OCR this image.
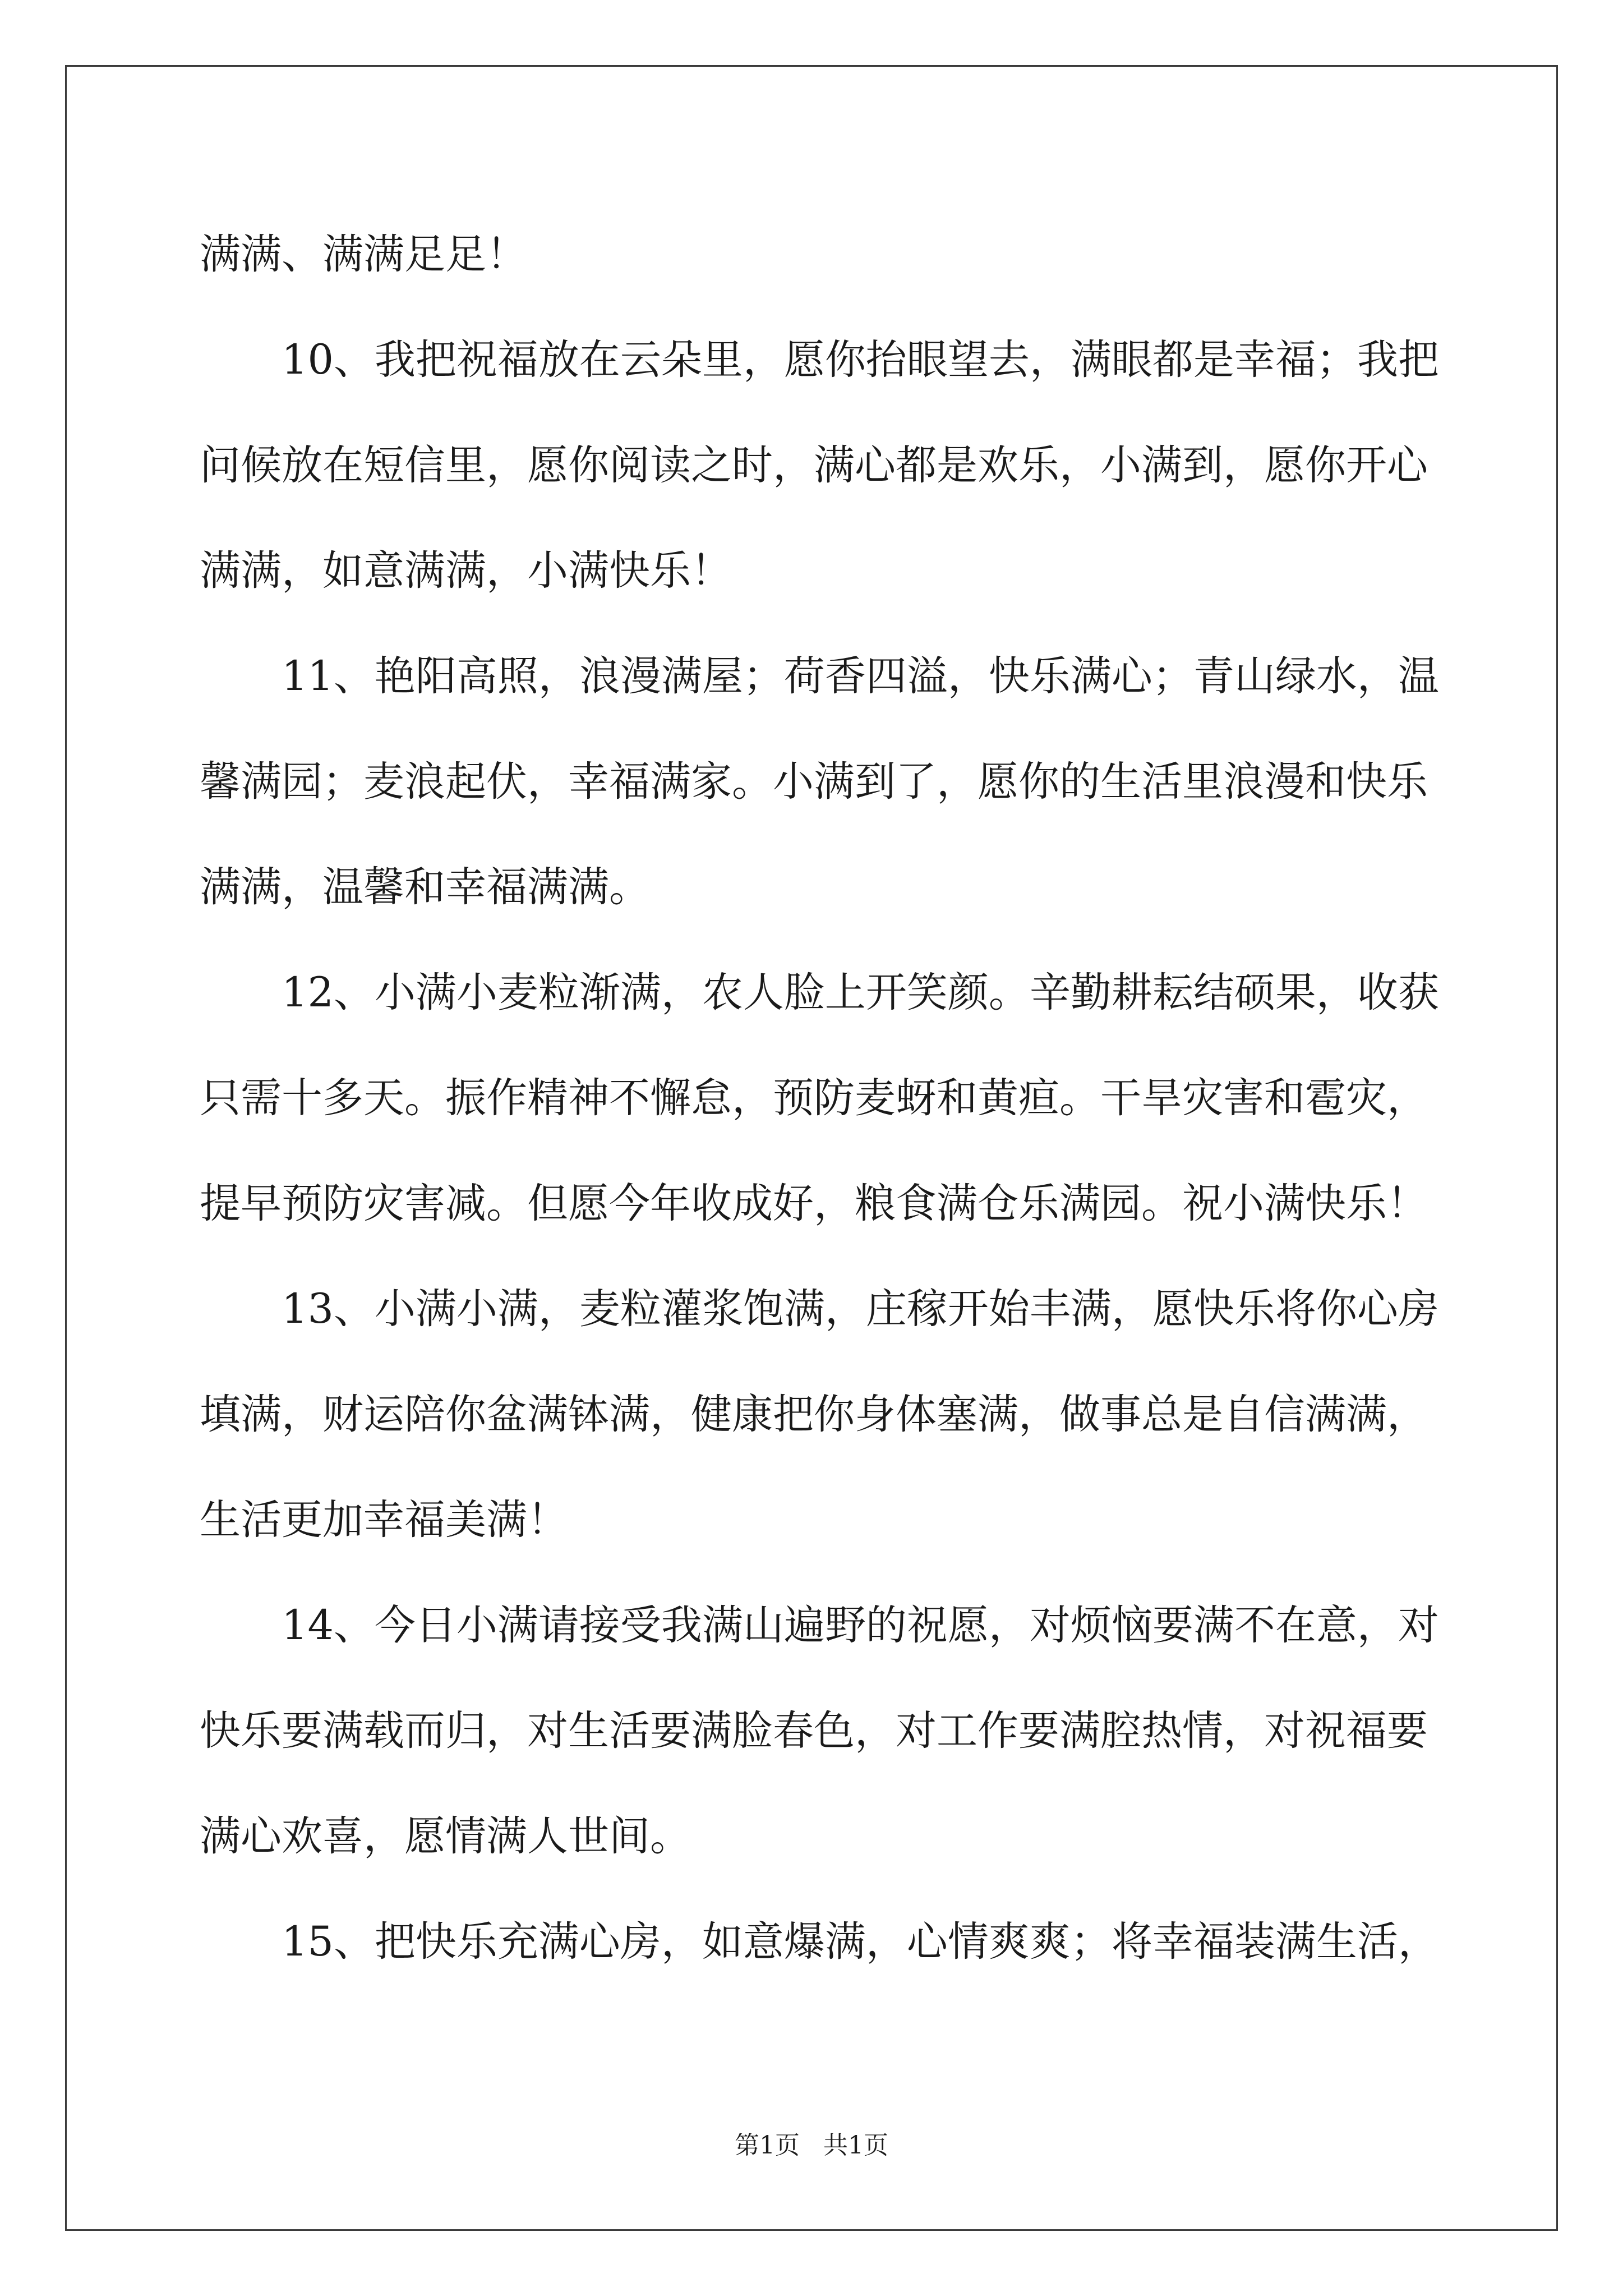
满满、满满足足！
10、我把祝福放在云朵里，愿你抬眼望去，满眼都是幸福；我把
问候放在短信里，愿你阅读之时，满心都是欢乐，小满到，愿你开心
满满，如意满满，小满快乐！
11、艳阳高照，浪漫满屋；荷香四溢，快乐满心；青山绿水，温
馨满园；麦浪起伏，幸福满家。小满到了，愿你的生活里浪漫和快乐
满满，温馨和幸福满满。
12、小满小麦粒渐满，农人脸上开笑颜。辛勤耕耘结硕果，收获
只需十多天。振作精神不懈怠，预防麦蚜和黄疸。干旱灾害和雹灾，
提早预防灾害减。但愿今年收成好，粮食满仓乐满园。祝小满快乐！
13、小满小满，麦粒灌浆饱满，庄稼开始丰满，愿快乐将你心房
填满，财运陪你盆满钵满，健康把你身体塞满，做事总是自信满满，
生活更加幸福美满！
14、今日小满请接受我满山遍野的祝愿，对烦恼要满不在意，对
快乐要满载而归，对生活要满脸春色，对工作要满腔热情，对祝福要
满心欢喜，愿情满人世间。
15、把快乐充满心房，如意爆满，心情爽爽；将幸福装满生活，
第1页   共1页
